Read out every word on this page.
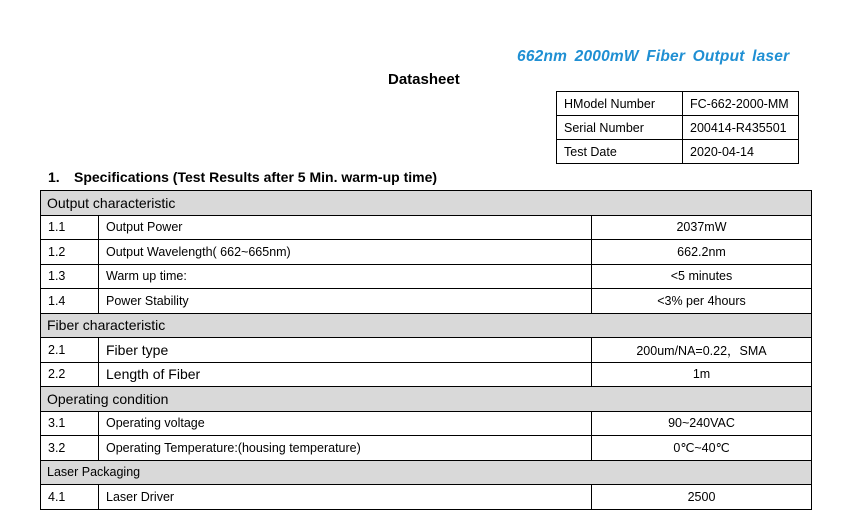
662nm 2000mW Fiber Output laser
Datasheet
HModel Number	FC-662-2000-MM
Serial Number	200414-R435501
Test Date	2020-04-14
1. Specifications (Test Results after 5 Min. warm-up time)
Output characteristic		
1.1	Output Power	2037mW
1.2	Output Wavelength( 662~665nm)	662.2nm
1.3	Warm up time:	<5 minutes
1.4	Power Stability	<3% per 4hours
Fiber characteristic		
2.1	Fiber type	200um/NA=0.22，SMA
2.2	Length of Fiber	1m
Operating condition		
3.1	Operating voltage	90~240VAC
3.2	Operating Temperature:(housing temperature)	0℃~40℃
Laser Packaging		
4.1	Laser Driver	2500
